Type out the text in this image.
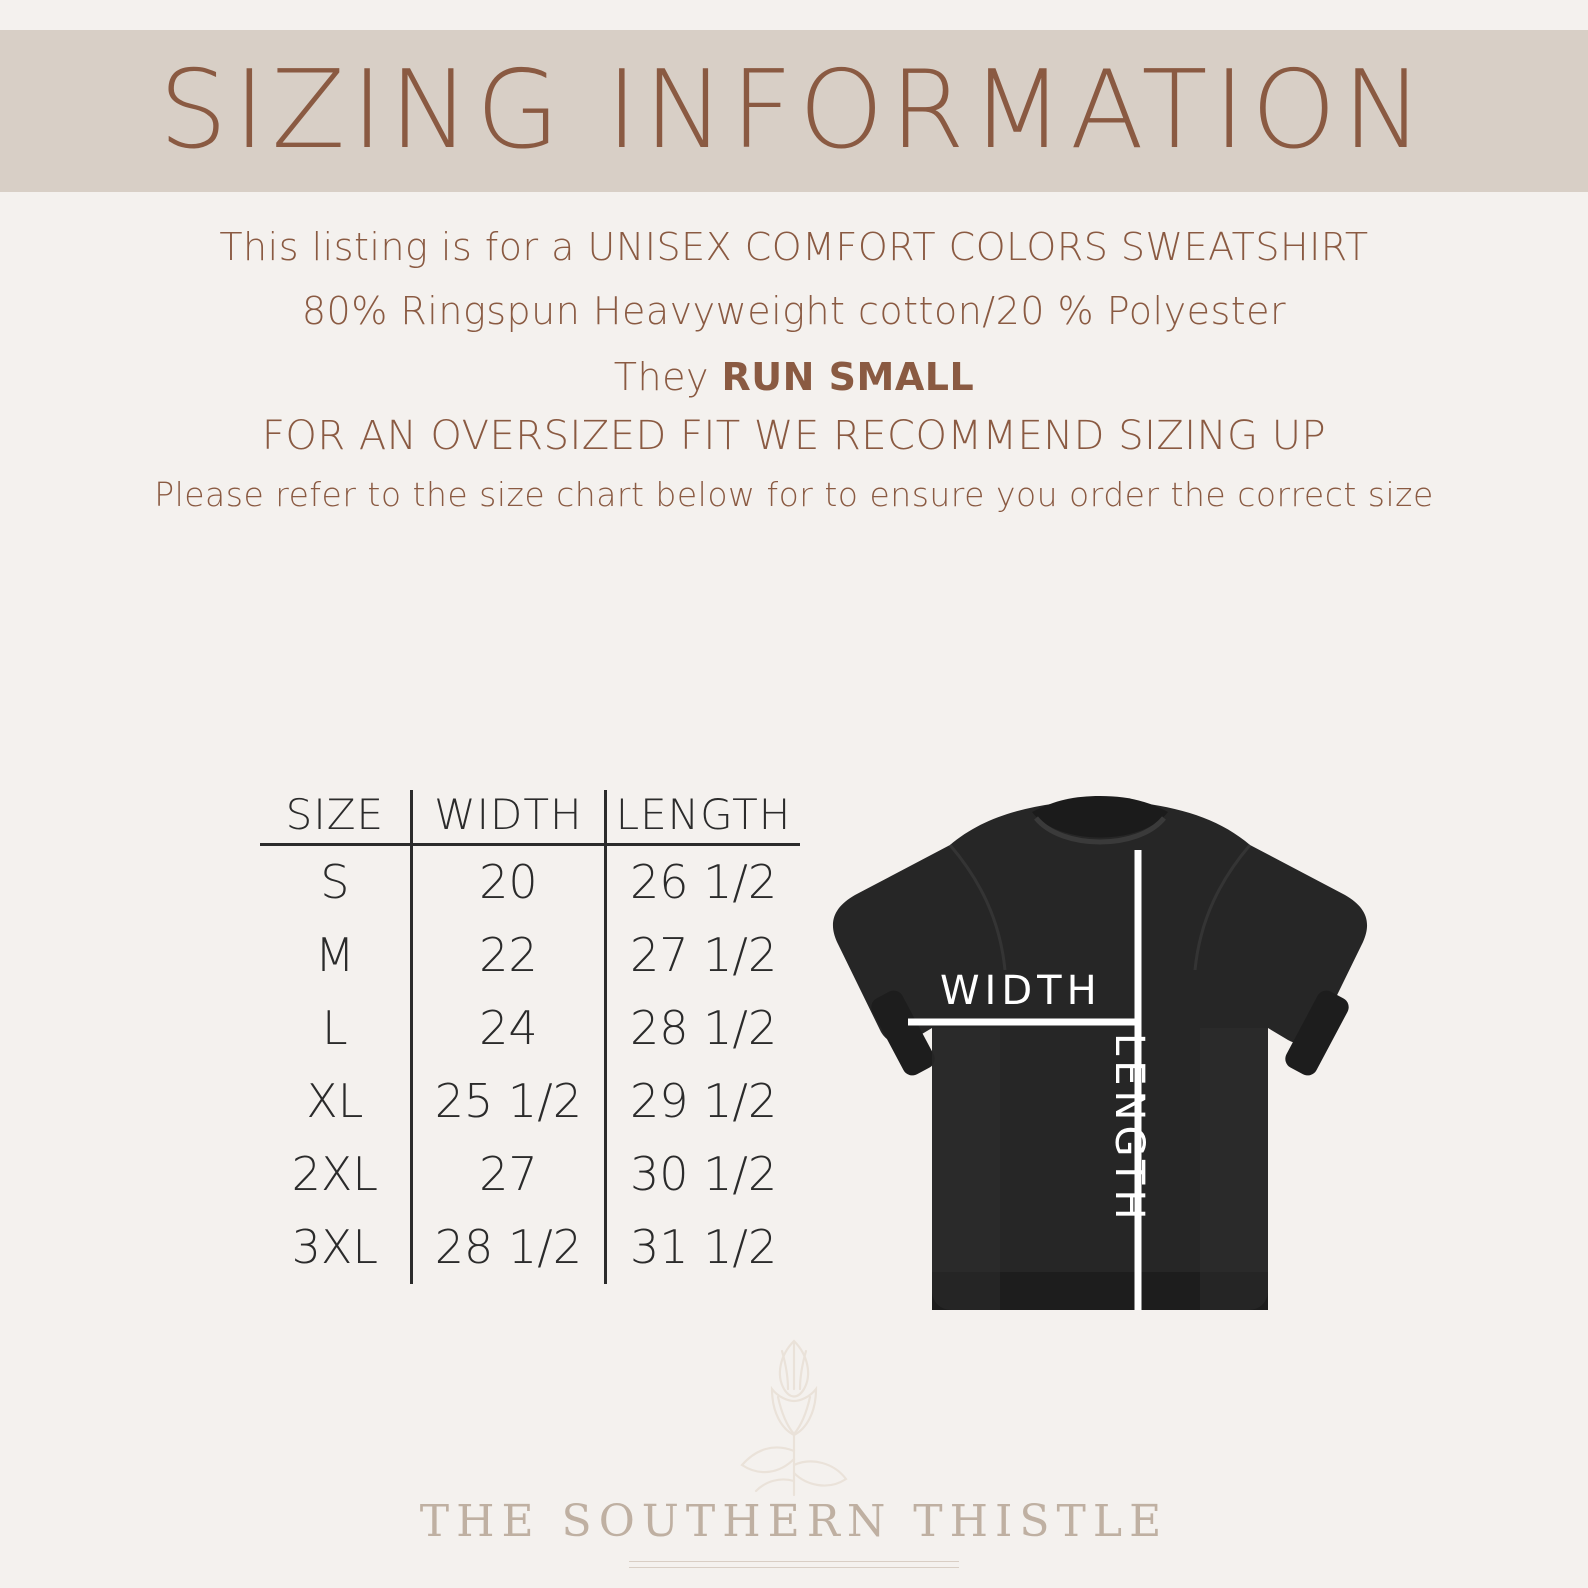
SIZING INFORMATION
This listing is for a UNISEX COMFORT COLORS SWEATSHIRT
80% Ringspun Heavyweight cotton/20 % Polyester
They RUN SMALL
FOR AN OVERSIZED FIT WE RECOMMEND SIZING UP
Please refer to the size chart below for to ensure you order the correct size
SIZE	WIDTH	LENGTH
S	20	26 1/2
M	22	27 1/2
L	24	28 1/2
XL	25 1/2	29 1/2
2XL	27	30 1/2
3XL	28 1/2	31 1/2
WIDTH
LENGTH
THE SOUTHERN THISTLE
